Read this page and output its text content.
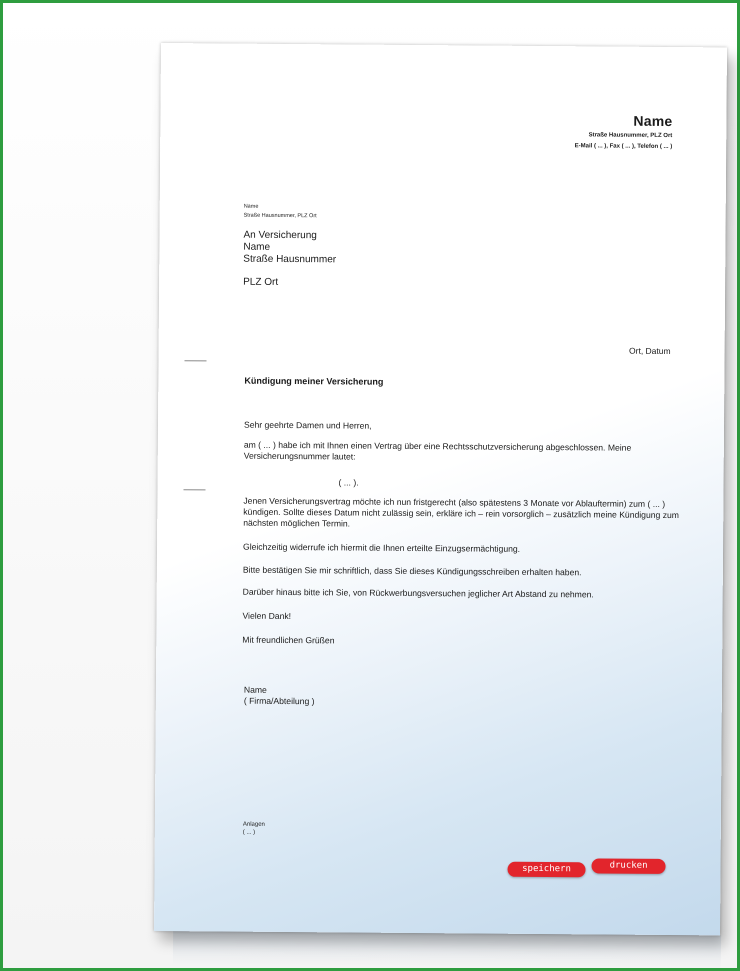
Name
Straße Hausnummer, PLZ Ort
E-Mail ( ... ), Fax ( ... ), Telefon ( ... )
Name
Straße Hausnummer, PLZ Ort
An Versicherung
Name
Straße Hausnummer
PLZ Ort
Ort, Datum
Kündigung meiner Versicherung
Sehr geehrte Damen und Herren,
am ( ... ) habe ich mit Ihnen einen Vertrag über eine Rechtsschutzversicherung abgeschlossen. Meine Versicherungsnummer lautet:
( ... ).
Jenen Versicherungsvertrag möchte ich nun fristgerecht (also spätestens 3 Monate vor Ablauftermin) zum ( ... ) kündigen. Sollte dieses Datum nicht zulässig sein, erkläre ich – rein vorsorglich – zusätzlich meine Kündigung zum nächsten möglichen Termin.
Gleichzeitig widerrufe ich hiermit die Ihnen erteilte Einzugsermächtigung.
Bitte bestätigen Sie mir schriftlich, dass Sie dieses Kündigungsschreiben erhalten haben.
Darüber hinaus bitte ich Sie, von Rückwerbungsversuchen jeglicher Art Abstand zu nehmen.
Vielen Dank!
Mit freundlichen Grüßen
Name
( Firma/Abteilung )
Anlagen
( ... )
speichern	drucken
